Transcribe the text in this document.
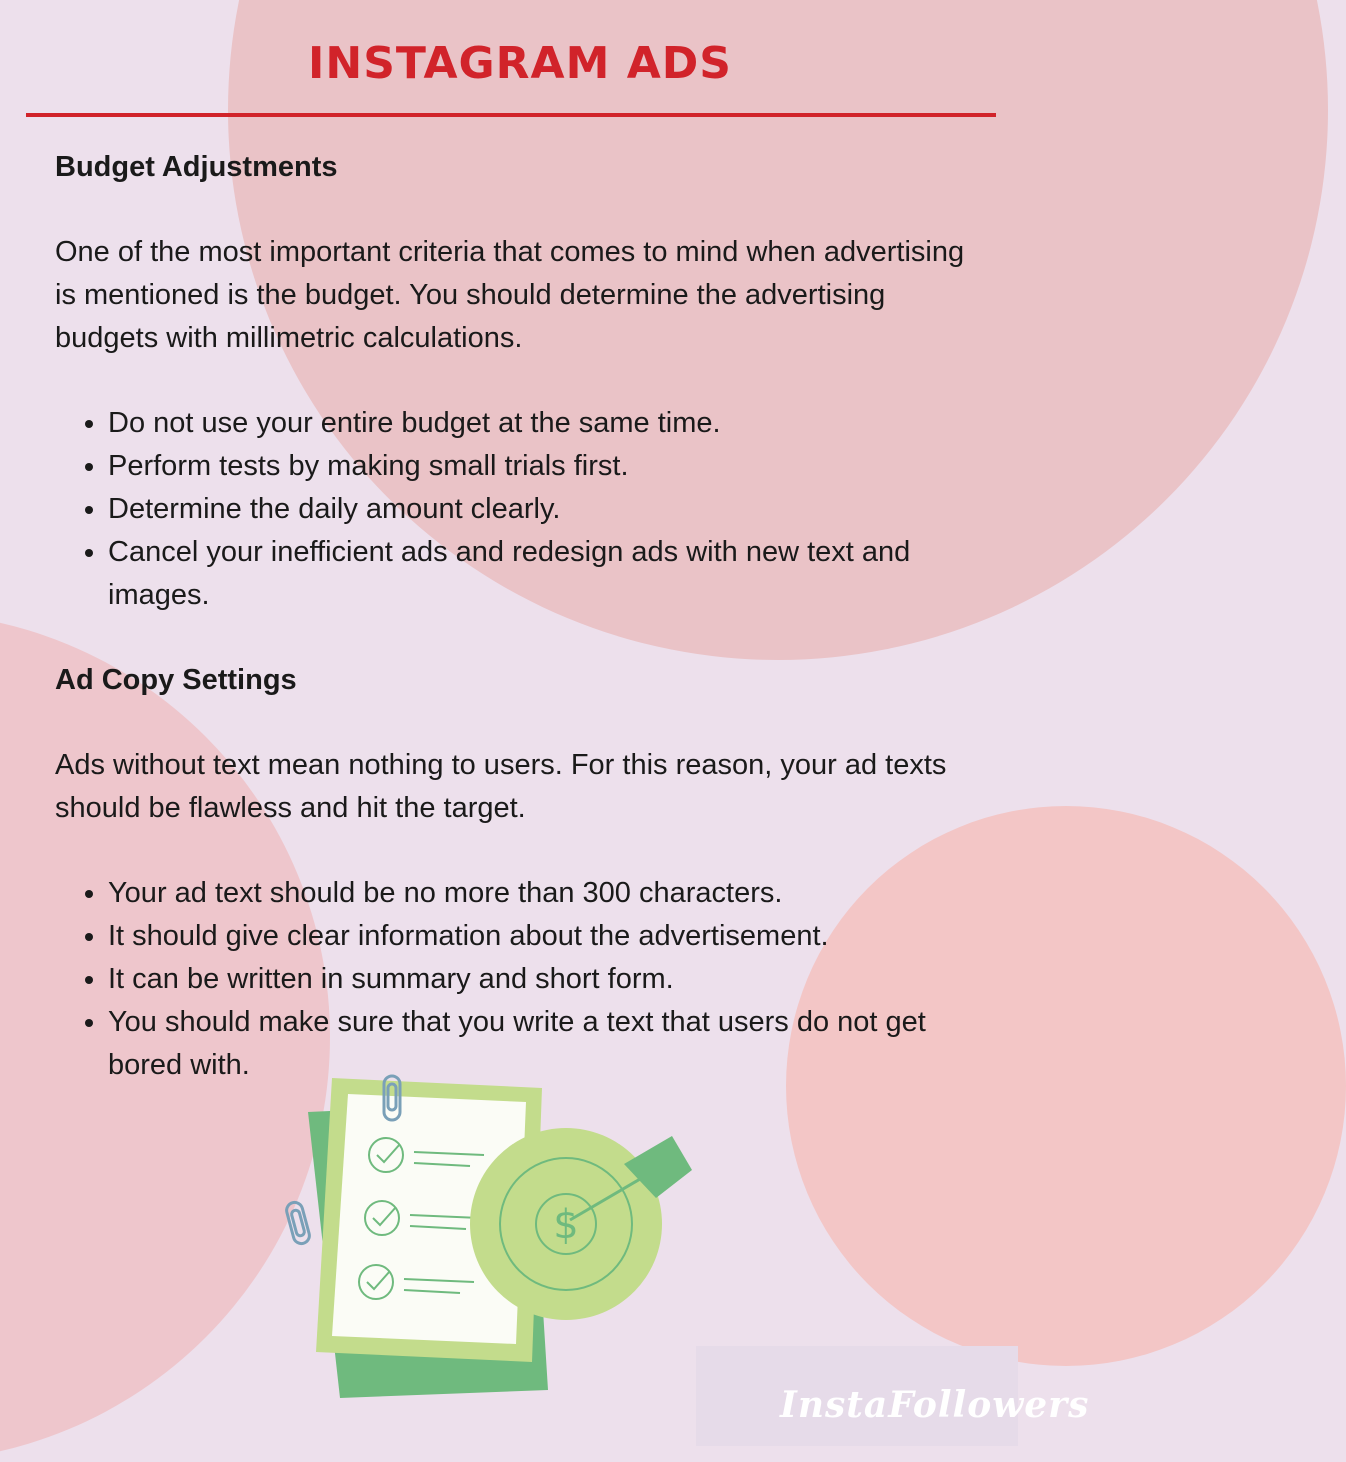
INSTAGRAM ADS
Budget Adjustments

One of the most important criteria that comes to mind when advertising is mentioned is the budget. You should determine the advertising budgets with millimetric calculations.

• Do not use your entire budget at the same time.
• Perform tests by making small trials first.
• Determine the daily amount clearly.
• Cancel your inefficient ads and redesign ads with new text and images.
Ad Copy Settings

Ads without text mean nothing to users. For this reason, your ad texts should be flawless and hit the target.

• Your ad text should be no more than 300 characters.
• It should give clear information about the advertisement.
• It can be written in summary and short form.
• You should make sure that you write a text that users do not get bored with.
$
InstaFollowers
